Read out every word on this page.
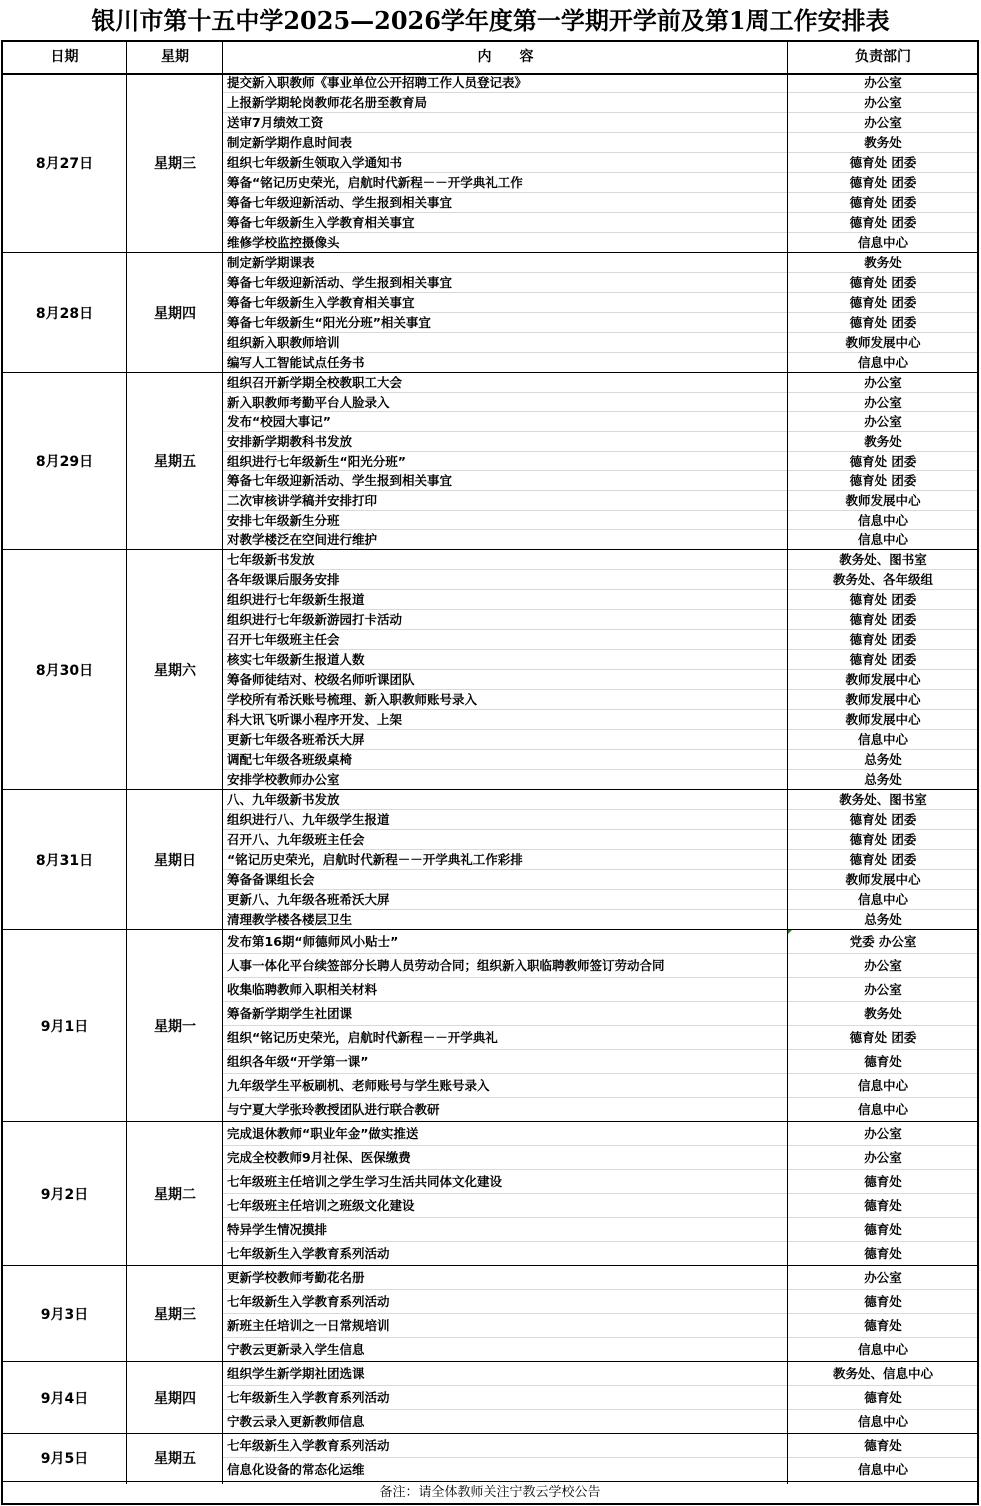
银川市第十五中学2025—2026学年度第一学期开学前及第1周工作安排表
日期	星期	内　　容	负责部门
8月27日	星期三
提交新入职教师《事业单位公开招聘工作人员登记表》	办公室
上报新学期轮岗教师花名册至教育局	办公室
送审7月绩效工资	办公室
制定新学期作息时间表	教务处
组织七年级新生领取入学通知书	德育处 团委
筹备“铭记历史荣光，启航时代新程－－开学典礼工作	德育处 团委
筹备七年级迎新活动、学生报到相关事宜	德育处 团委
筹备七年级新生入学教育相关事宜	德育处 团委
维修学校监控摄像头	信息中心
8月28日	星期四
制定新学期课表	教务处
筹备七年级迎新活动、学生报到相关事宜	德育处 团委
筹备七年级新生入学教育相关事宜	德育处 团委
筹备七年级新生“阳光分班”相关事宜	德育处 团委
组织新入职教师培训	教师发展中心
编写人工智能试点任务书	信息中心
8月29日	星期五
组织召开新学期全校教职工大会	办公室
新入职教师考勤平台人脸录入	办公室
发布“校园大事记”	办公室
安排新学期教科书发放	教务处
组织进行七年级新生“阳光分班”	德育处 团委
筹备七年级迎新活动、学生报到相关事宜	德育处 团委
二次审核讲学稿并安排打印	教师发展中心
安排七年级新生分班	信息中心
对教学楼泛在空间进行维护	信息中心
8月30日	星期六
七年级新书发放	教务处、图书室
各年级课后服务安排	教务处、各年级组
组织进行七年级新生报道	德育处 团委
组织进行七年级新游园打卡活动	德育处 团委
召开七年级班主任会	德育处 团委
核实七年级新生报道人数	德育处 团委
筹备师徒结对、校级名师听课团队	教师发展中心
学校所有希沃账号梳理、新入职教师账号录入	教师发展中心
科大讯飞听课小程序开发、上架	教师发展中心
更新七年级各班希沃大屏	信息中心
调配七年级各班级桌椅	总务处
安排学校教师办公室	总务处
8月31日	星期日
八、九年级新书发放	教务处、图书室
组织进行八、九年级学生报道	德育处 团委
召开八、九年级班主任会	德育处 团委
“铭记历史荣光，启航时代新程－－开学典礼工作彩排	德育处 团委
筹备备课组长会	教师发展中心
更新八、九年级各班希沃大屏	信息中心
清理教学楼各楼层卫生	总务处
9月1日	星期一
发布第16期“师德师风小贴士”	党委 办公室
人事一体化平台续签部分长聘人员劳动合同；组织新入职临聘教师签订劳动合同	办公室
收集临聘教师入职相关材料	办公室
筹备新学期学生社团课	教务处
组织“铭记历史荣光，启航时代新程－－开学典礼	德育处 团委
组织各年级“开学第一课”	德育处
九年级学生平板刷机、老师账号与学生账号录入	信息中心
与宁夏大学张玲教授团队进行联合教研	信息中心
9月2日	星期二
完成退休教师“职业年金”做实推送	办公室
完成全校教师9月社保、医保缴费	办公室
七年级班主任培训之学生学习生活共同体文化建设	德育处
七年级班主任培训之班级文化建设	德育处
特异学生情况摸排	德育处
七年级新生入学教育系列活动	德育处
9月3日	星期三
更新学校教师考勤花名册	办公室
七年级新生入学教育系列活动	德育处
新班主任培训之一日常规培训	德育处
宁教云更新录入学生信息	信息中心
9月4日	星期四
组织学生新学期社团选课	教务处、信息中心
七年级新生入学教育系列活动	德育处
宁教云录入更新教师信息	信息中心
9月5日	星期五
七年级新生入学教育系列活动	德育处
信息化设备的常态化运维	信息中心
备注：请全体教师关注宁教云学校公告
